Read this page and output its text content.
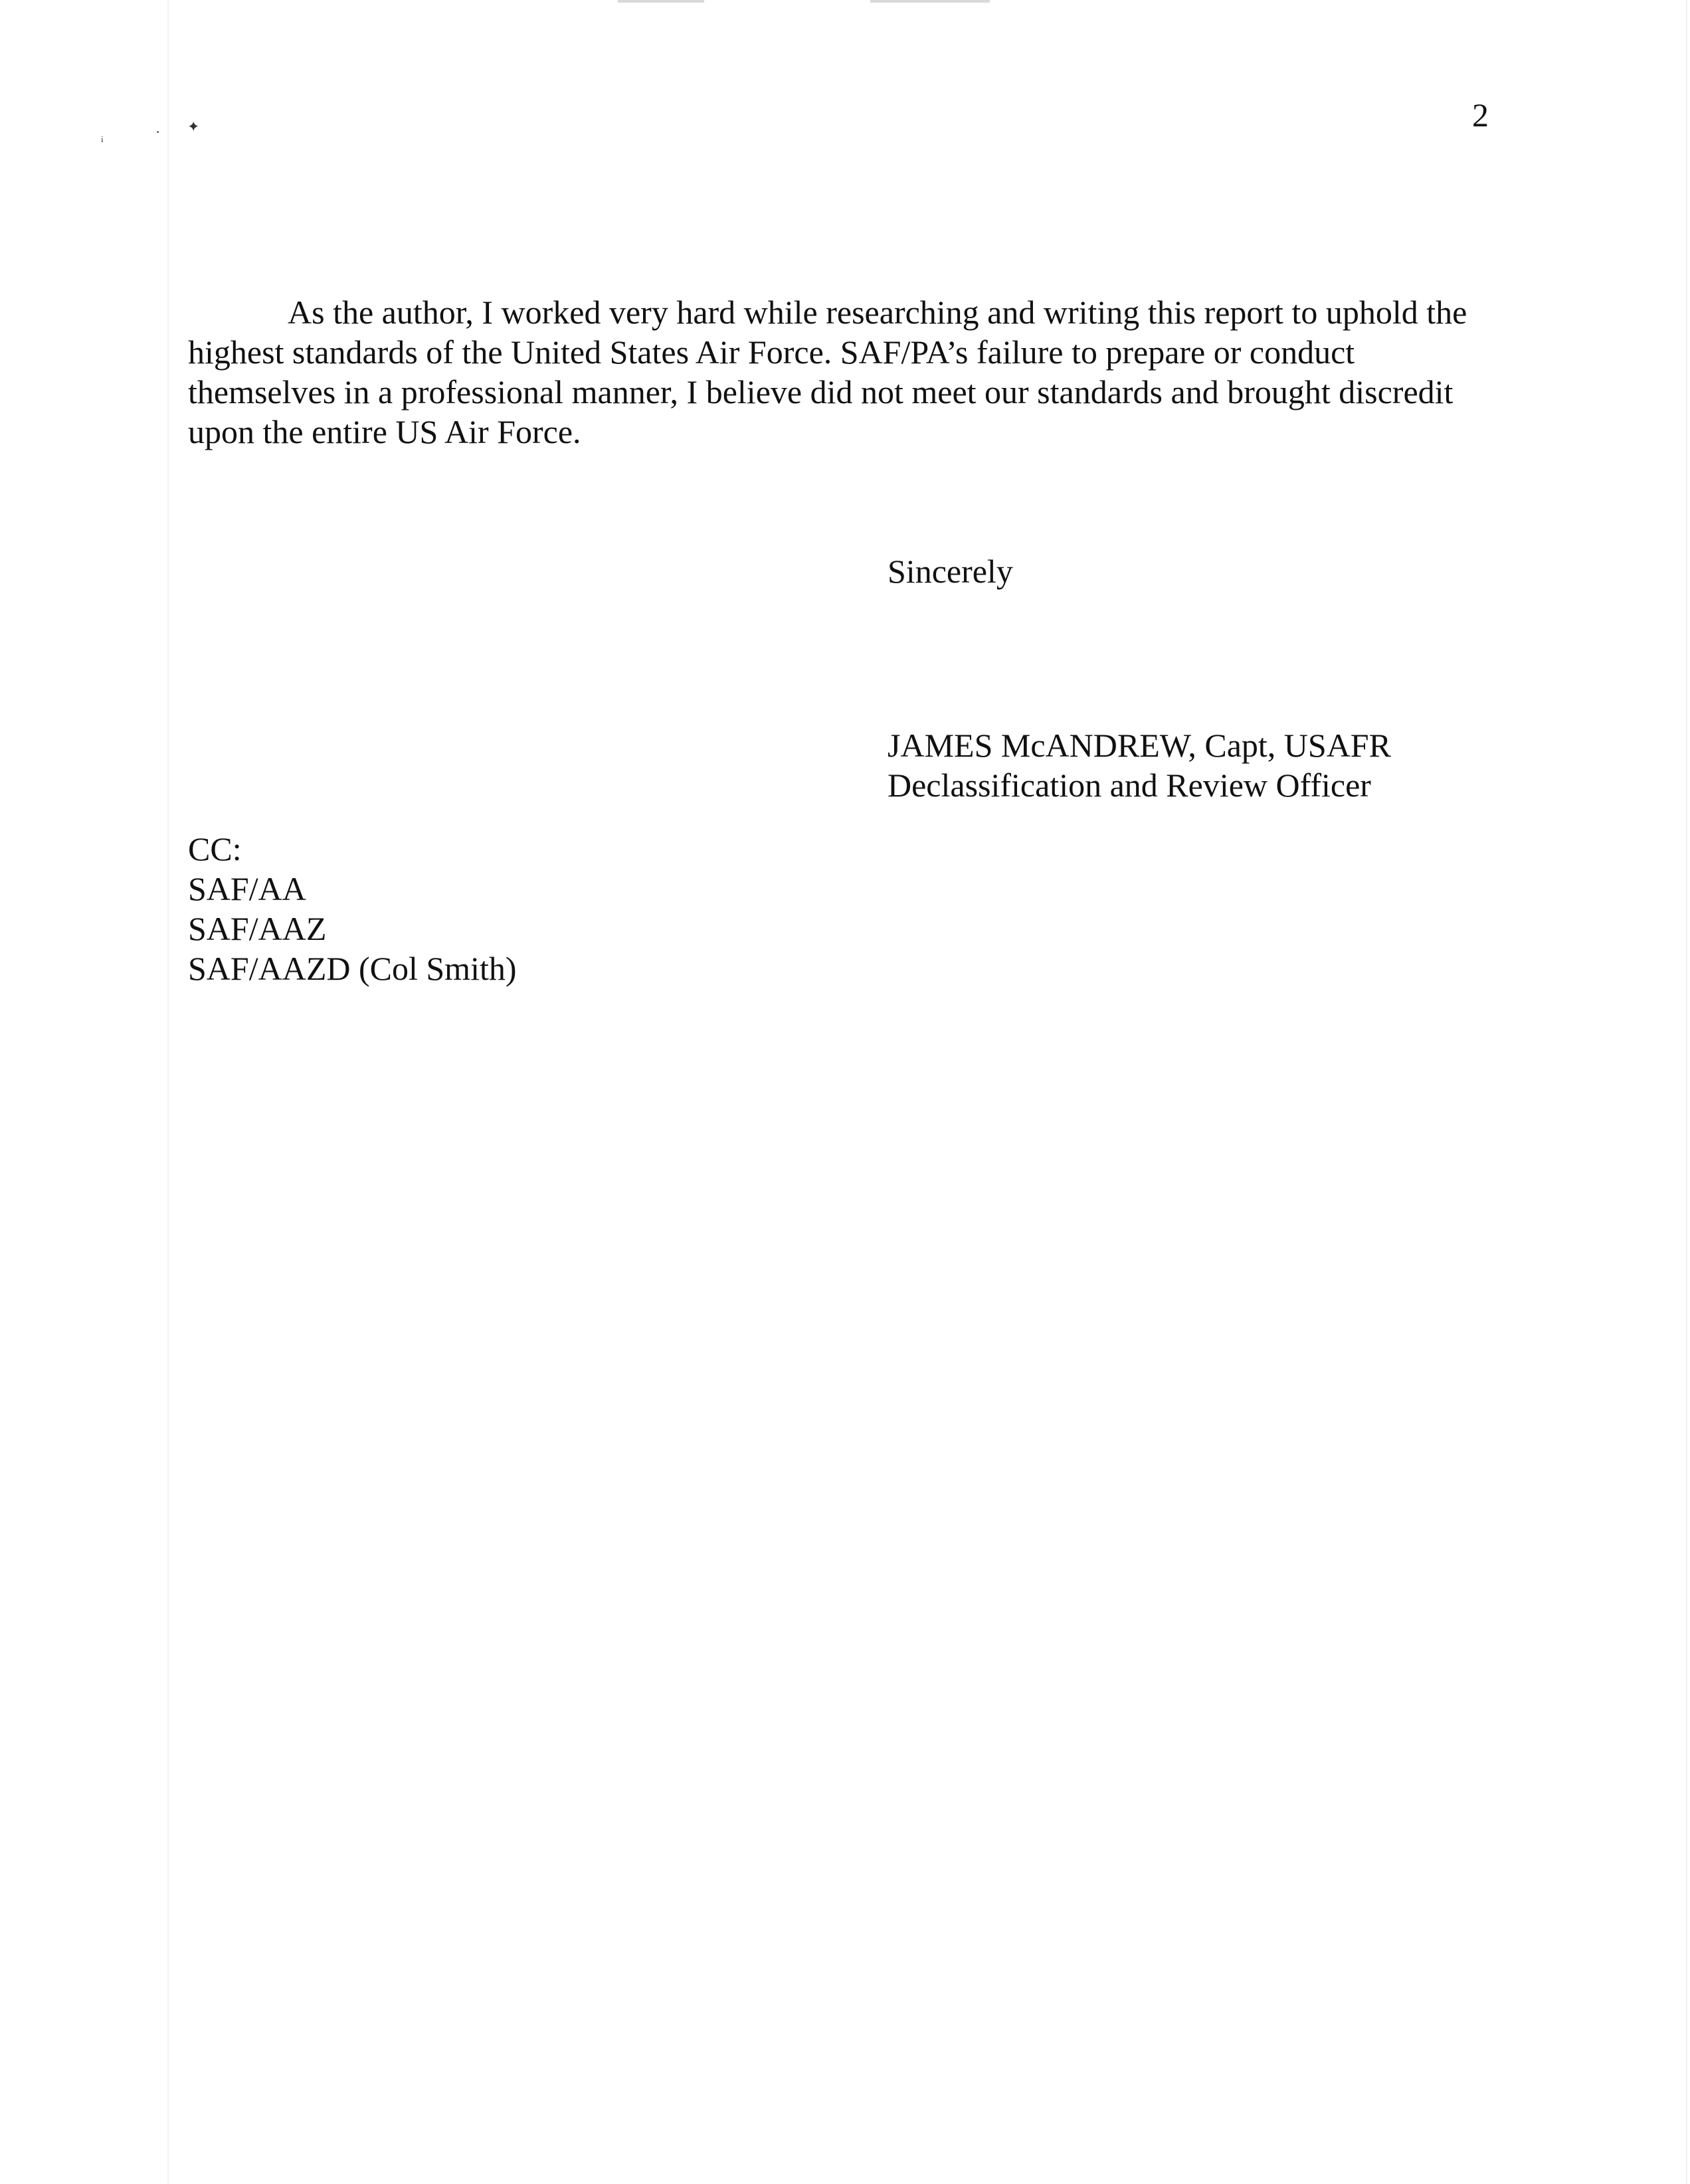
ᵢ	· ✦	2

As the author, I worked very hard while researching and writing this report to uphold the
highest standards of the United States Air Force. SAF/PA’s failure to prepare or conduct
themselves in a professional manner, I believe did not meet our standards and brought discredit
upon the entire US Air Force.

Sincerely
JAMES McANDREW, Capt, USAFR
Declassification and Review Officer
CC:
SAF/AA
SAF/AAZ
SAF/AAZD (Col Smith)
